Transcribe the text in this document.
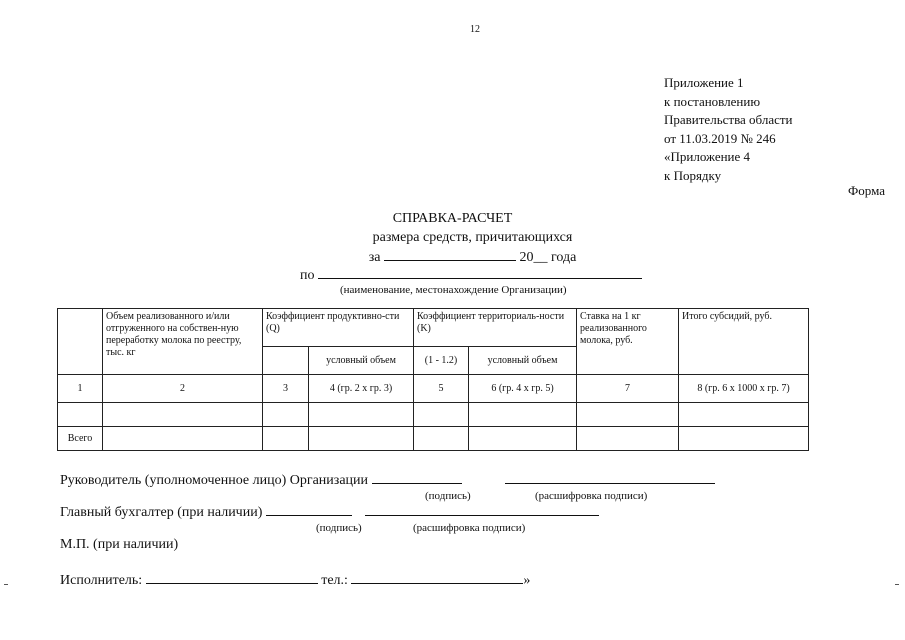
12
Приложение 1
к постановлению
Правительства области
от 11.03.2019 № 246
«Приложение 4
к Порядку
Форма
СПРАВКА-РАСЧЕТ
размера средств, причитающихся
за	20__ года
по
(наименование, местонахождение Организации)
	Объем реализованного и/или отгруженного на собствен-ную переработку молока по реестру, тыс. кг	Коэффициент продуктивно-сти (Q)		Коэффициент территориаль-ности (K)		Ставка на 1 кг реализованного молока, руб.	Итого субсидий, руб.
			условный объем	(1 - 1.2)	условный объем		
1	2	3	4 (гр. 2 х гр. 3)	5	6 (гр. 4 х гр. 5)	7	8 (гр. 6 х 1000 х гр. 7)

Всего							
Руководитель (уполномоченное лицо) Организации
(подпись)	(расшифровка подписи)
Главный бухгалтер (при наличии)
(подпись)	(расшифровка подписи)
М.П. (при наличии)
Исполнитель:	тел.:	»
